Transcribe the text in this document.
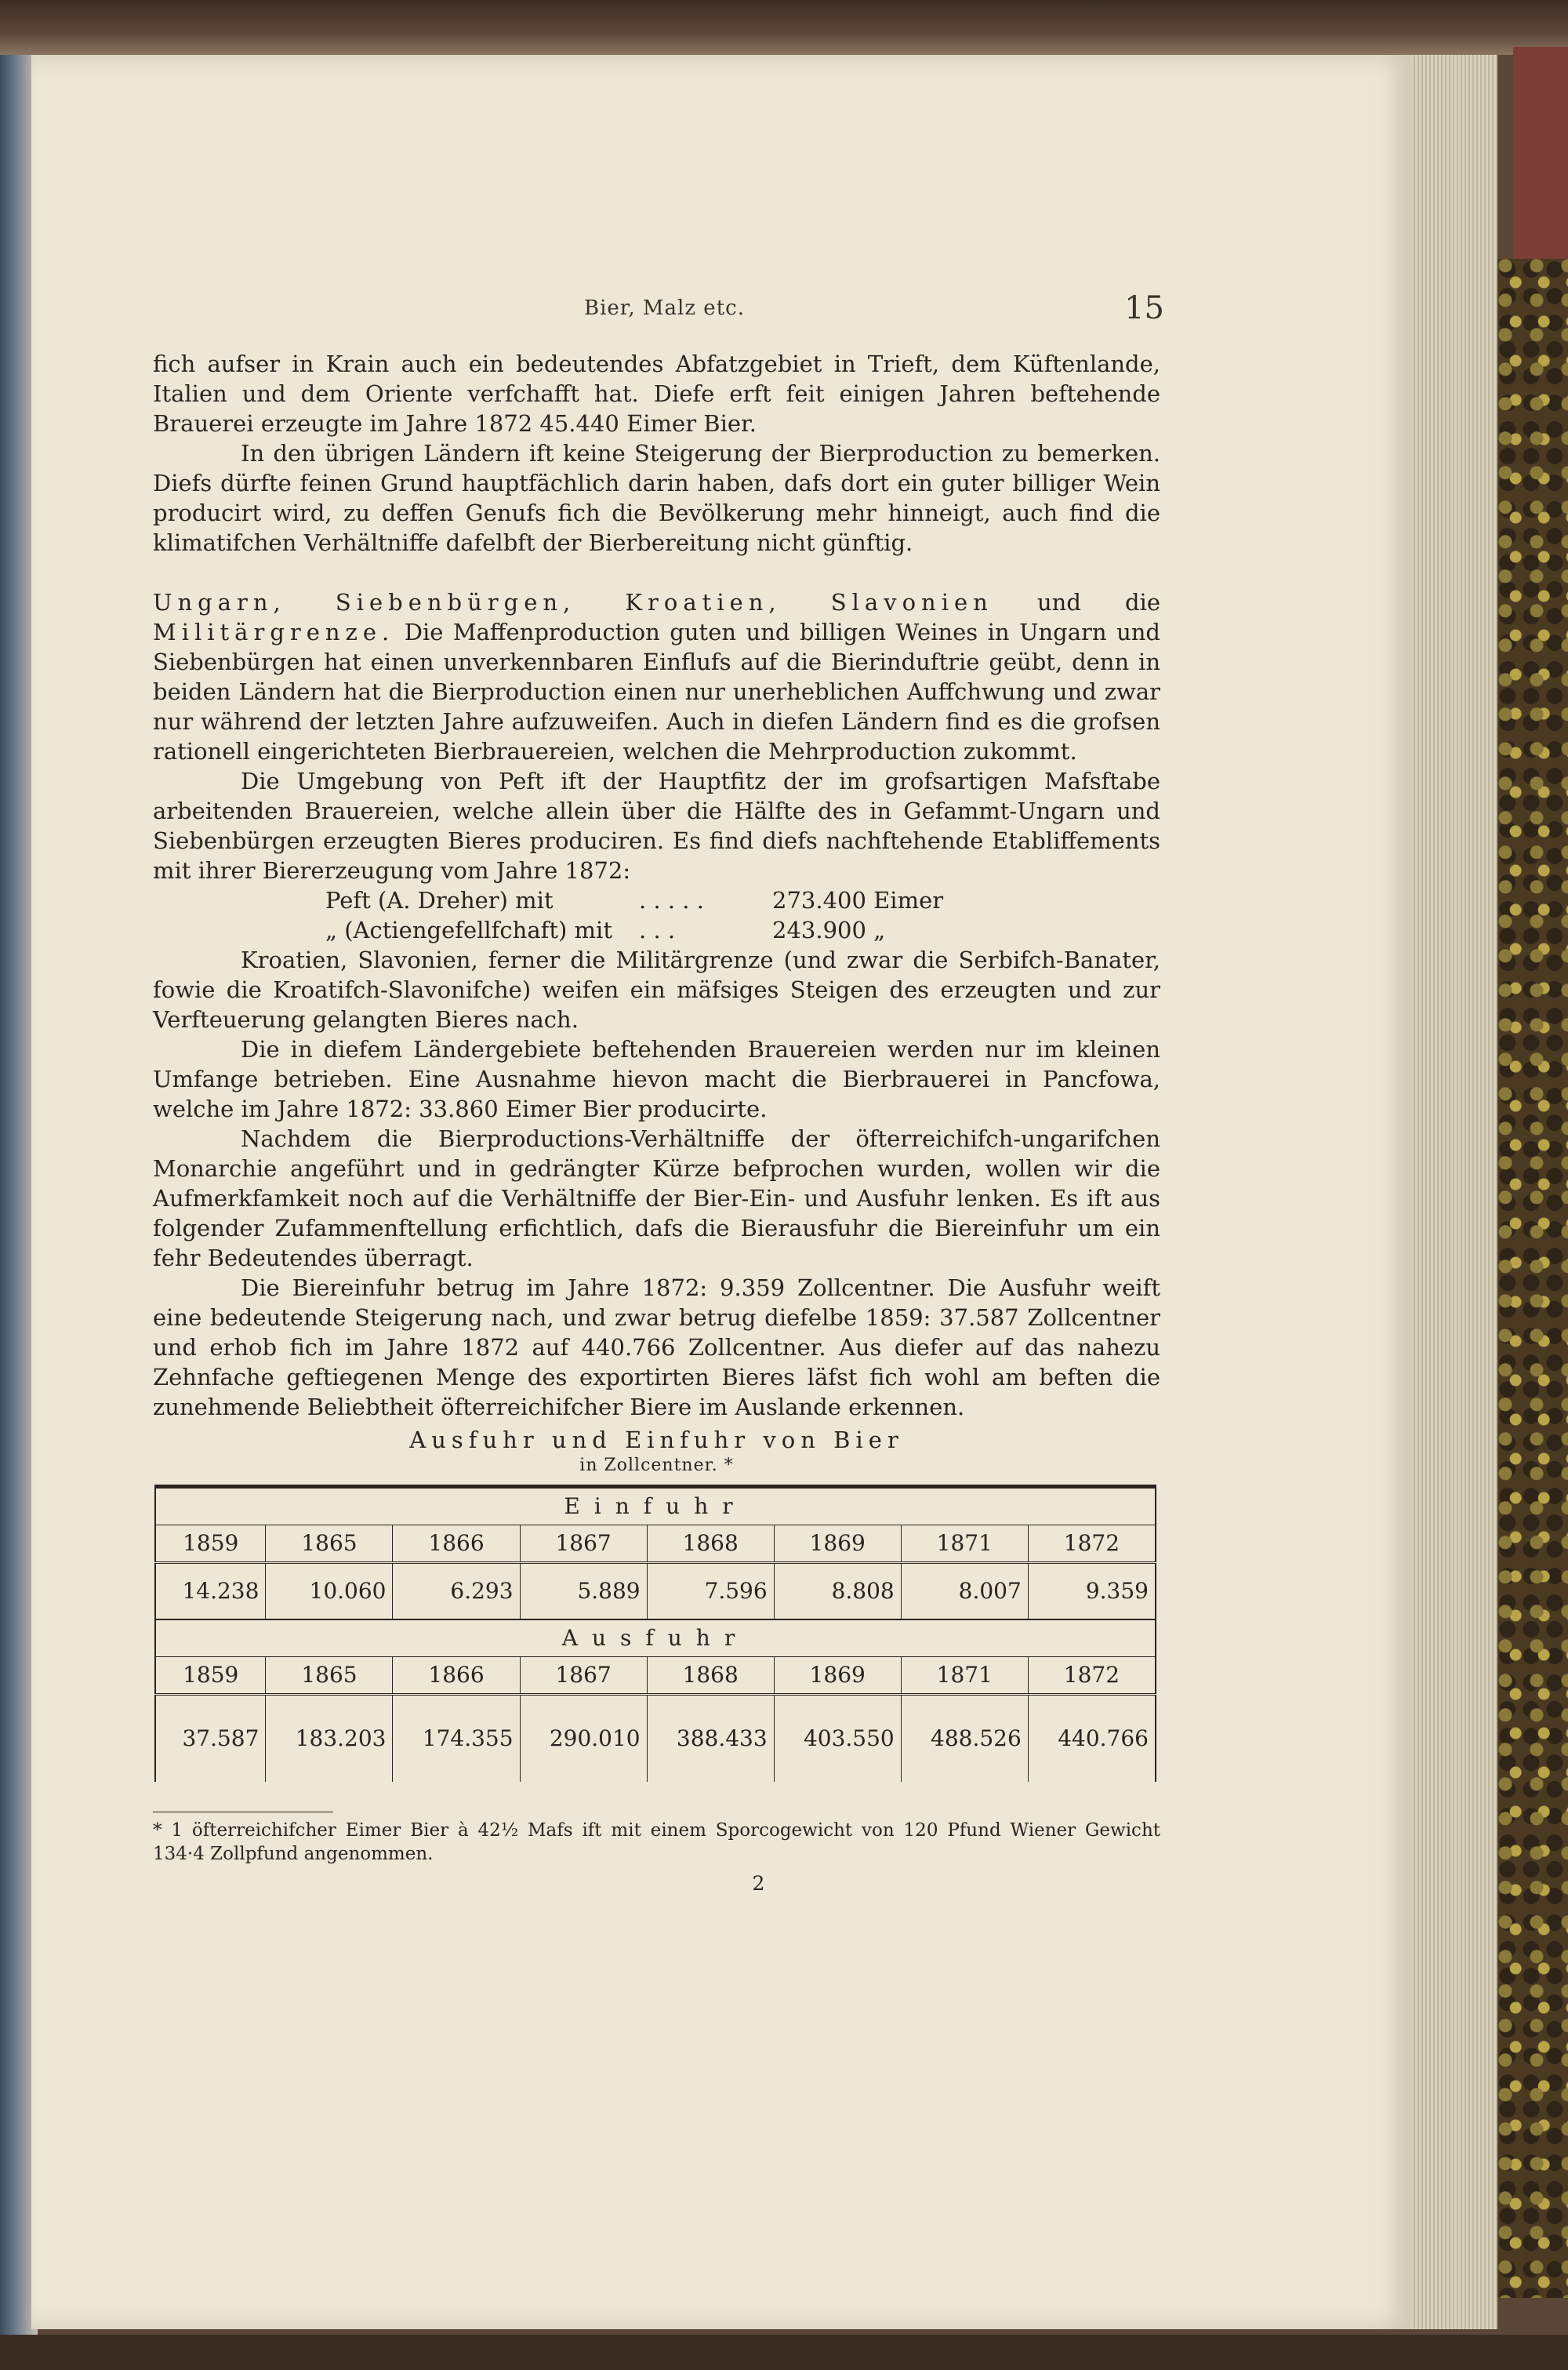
Bier, Malz etc.	15

fich aufser in Krain auch ein bedeutendes Abfatzgebiet in Trieft, dem Küftenlande, Italien und dem Oriente verfchafft hat. Diefe erft feit einigen Jahren beftehende Brauerei erzeugte im Jahre 1872 45.440 Eimer Bier.

In den übrigen Ländern ift keine Steigerung der Bierproduction zu bemerken. Diefs dürfte feinen Grund hauptfächlich darin haben, dafs dort ein guter billiger Wein producirt wird, zu deffen Genufs fich die Bevölkerung mehr hinneigt, auch find die klimatifchen Verhältniffe dafelbft der Bierbereitung nicht günftig.

Ungarn, Siebenbürgen, Kroatien, Slavonien und die Militärgrenze. Die Maffenproduction guten und billigen Weines in Ungarn und Siebenbürgen hat einen unverkennbaren Einflufs auf die Bierinduftrie geübt, denn in beiden Ländern hat die Bierproduction einen nur unerheblichen Auffchwung und zwar nur während der letzten Jahre aufzuweifen. Auch in diefen Ländern find es die grofsen rationell eingerichteten Bierbrauereien, welchen die Mehrproduction zukommt.

Die Umgebung von Peft ift der Hauptfitz der im grofsartigen Mafsftabe arbeitenden Brauereien, welche allein über die Hälfte des in Gefammt-Ungarn und Siebenbürgen erzeugten Bieres produciren. Es find diefs nachftehende Etabliffements mit ihrer Biererzeugung vom Jahre 1872:

Peft (A. Dreher) mit	. . . . .	273.400 Eimer
„ (Actiengefellfchaft) mit	. . .	243.900 „

Kroatien, Slavonien, ferner die Militärgrenze (und zwar die Serbifch-Banater, fowie die Kroatifch-Slavonifche) weifen ein mäfsiges Steigen des erzeugten und zur Verfteuerung gelangten Bieres nach.

Die in diefem Ländergebiete beftehenden Brauereien werden nur im kleinen Umfange betrieben. Eine Ausnahme hievon macht die Bierbrauerei in Pancfowa, welche im Jahre 1872: 33.860 Eimer Bier producirte.

Nachdem die Bierproductions-Verhältniffe der öfterreichifch-ungarifchen Monarchie angeführt und in gedrängter Kürze befprochen wurden, wollen wir die Aufmerkfamkeit noch auf die Verhältniffe der Bier-Ein- und Ausfuhr lenken. Es ift aus folgender Zufammenftellung erfichtlich, dafs die Bierausfuhr die Biereinfuhr um ein fehr Bedeutendes überragt.

Die Biereinfuhr betrug im Jahre 1872: 9.359 Zollcentner. Die Ausfuhr weift eine bedeutende Steigerung nach, und zwar betrug diefelbe 1859: 37.587 Zollcentner und erhob fich im Jahre 1872 auf 440.766 Zollcentner. Aus diefer auf das nahezu Zehnfache geftiegenen Menge des exportirten Bieres läfst fich wohl am beften die zunehmende Beliebtheit öfterreichifcher Biere im Auslande erkennen.

Ausfuhr und Einfuhr von Bier
in Zollcentner. *
Einfuhr							
1859	1865	1866	1867	1868	1869	1871	1872
14.238	10.060	6.293	5.889	7.596	8.808	8.007	9.359
Ausfuhr							
1859	1865	1866	1867	1868	1869	1871	1872
37.587	183.203	174.355	290.010	388.433	403.550	488.526	440.766

* 1 öfterreichifcher Eimer Bier à 42½ Mafs ift mit einem Sporcogewicht von 120 Pfund Wiener Gewicht 134·4 Zollpfund angenommen.

2
